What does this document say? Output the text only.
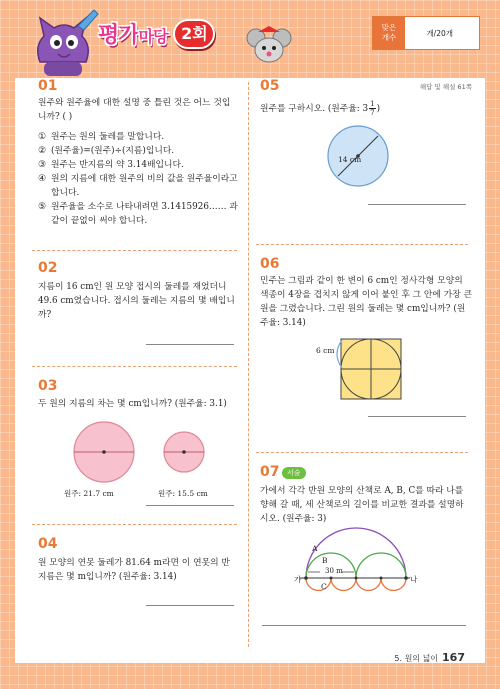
평가마당 2회	맞은
개수	개/20개
해답 및 해설 61쪽
01
원주와 원주율에 대한 설명 중 틀린 것은 어느 것입니까? ( )
① 원주는 원의 둘레를 말합니다.
② (원주율)=(원주)÷(지름)입니다.
③ 원주는 반지름의 약 3.14배입니다.
④ 원의 지름에 대한 원주의 비의 값을 원주율이라고 합니다.
⑤ 원주율을 소수로 나타내려면 3.1415926…… 과 같이 끝없이 써야 합니다.
02
지름이 16 cm인 원 모양 접시의 둘레를 재었더니 49.6 cm였습니다. 접시의 둘레는 지름의 몇 배입니까?
03
두 원의 지름의 차는 몇 cm입니까? (원주율: 3.1)
원주: 21.7 cm	원주: 15.5 cm
04
원 모양의 연못 둘레가 81.64 m라면 이 연못의 반지름은 몇 m입니까? (원주율: 3.14)
05
원주를 구하시오. (원주율: $3 \frac{1}{7}$ )
14 cm
06
민주는 그림과 같이 한 변이 6 cm인 정사각형 모양의 색종이 4장을 겹치지 않게 이어 붙인 후 그 안에 가장 큰 원을 그렸습니다. 그린 원의 둘레는 몇 cm입니까? (원주율: 3.14)
6 cm
07	서술
가에서 각각 반원 모양의 산책로 A, B, C를 따라 나를 향해 갈 때, 세 산책로의 길이를 비교한 결과를 설명하시오. (원주율: 3)
A
B
C
가	나
30 m
5. 원의 넓이 167
